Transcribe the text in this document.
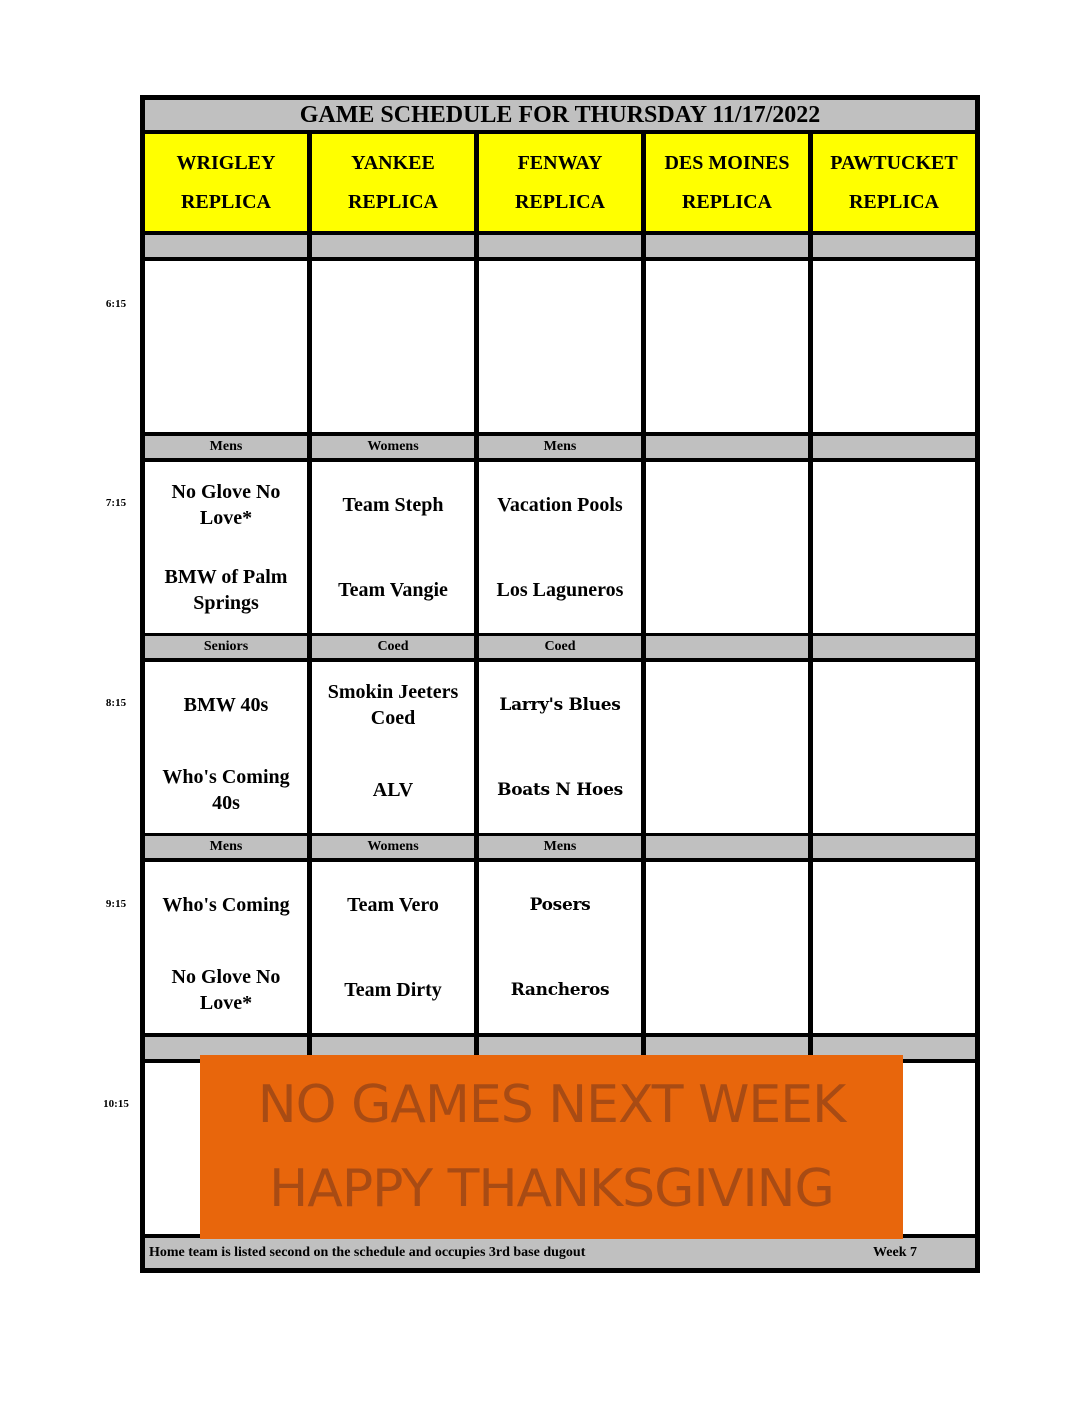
GAME SCHEDULE FOR THURSDAY 11/17/2022
WRIGLEY
REPLICA
YANKEE
REPLICA
FENWAY
REPLICA
DES MOINES
REPLICA
PAWTUCKET
REPLICA
Mens
No Glove No Love*
BMW of Palm Springs
Womens
Team Steph
Team Vangie
Mens
Vacation Pools
Los Laguneros
Seniors
BMW 40s
Who's Coming 40s
Coed
Smokin Jeeters Coed
ALV
Coed
Larry's Blues
Boats N Hoes
Mens
Who's Coming
No Glove No Love*
Womens
Team Vero
Team Dirty
Mens
Posers
Rancheros
Home team is listed second on the schedule and occupies 3rd base dugout	Week 7
6:15
7:15
8:15
9:15
10:15 NO GAMES NEXT WEEK
HAPPY THANKSGIVING
